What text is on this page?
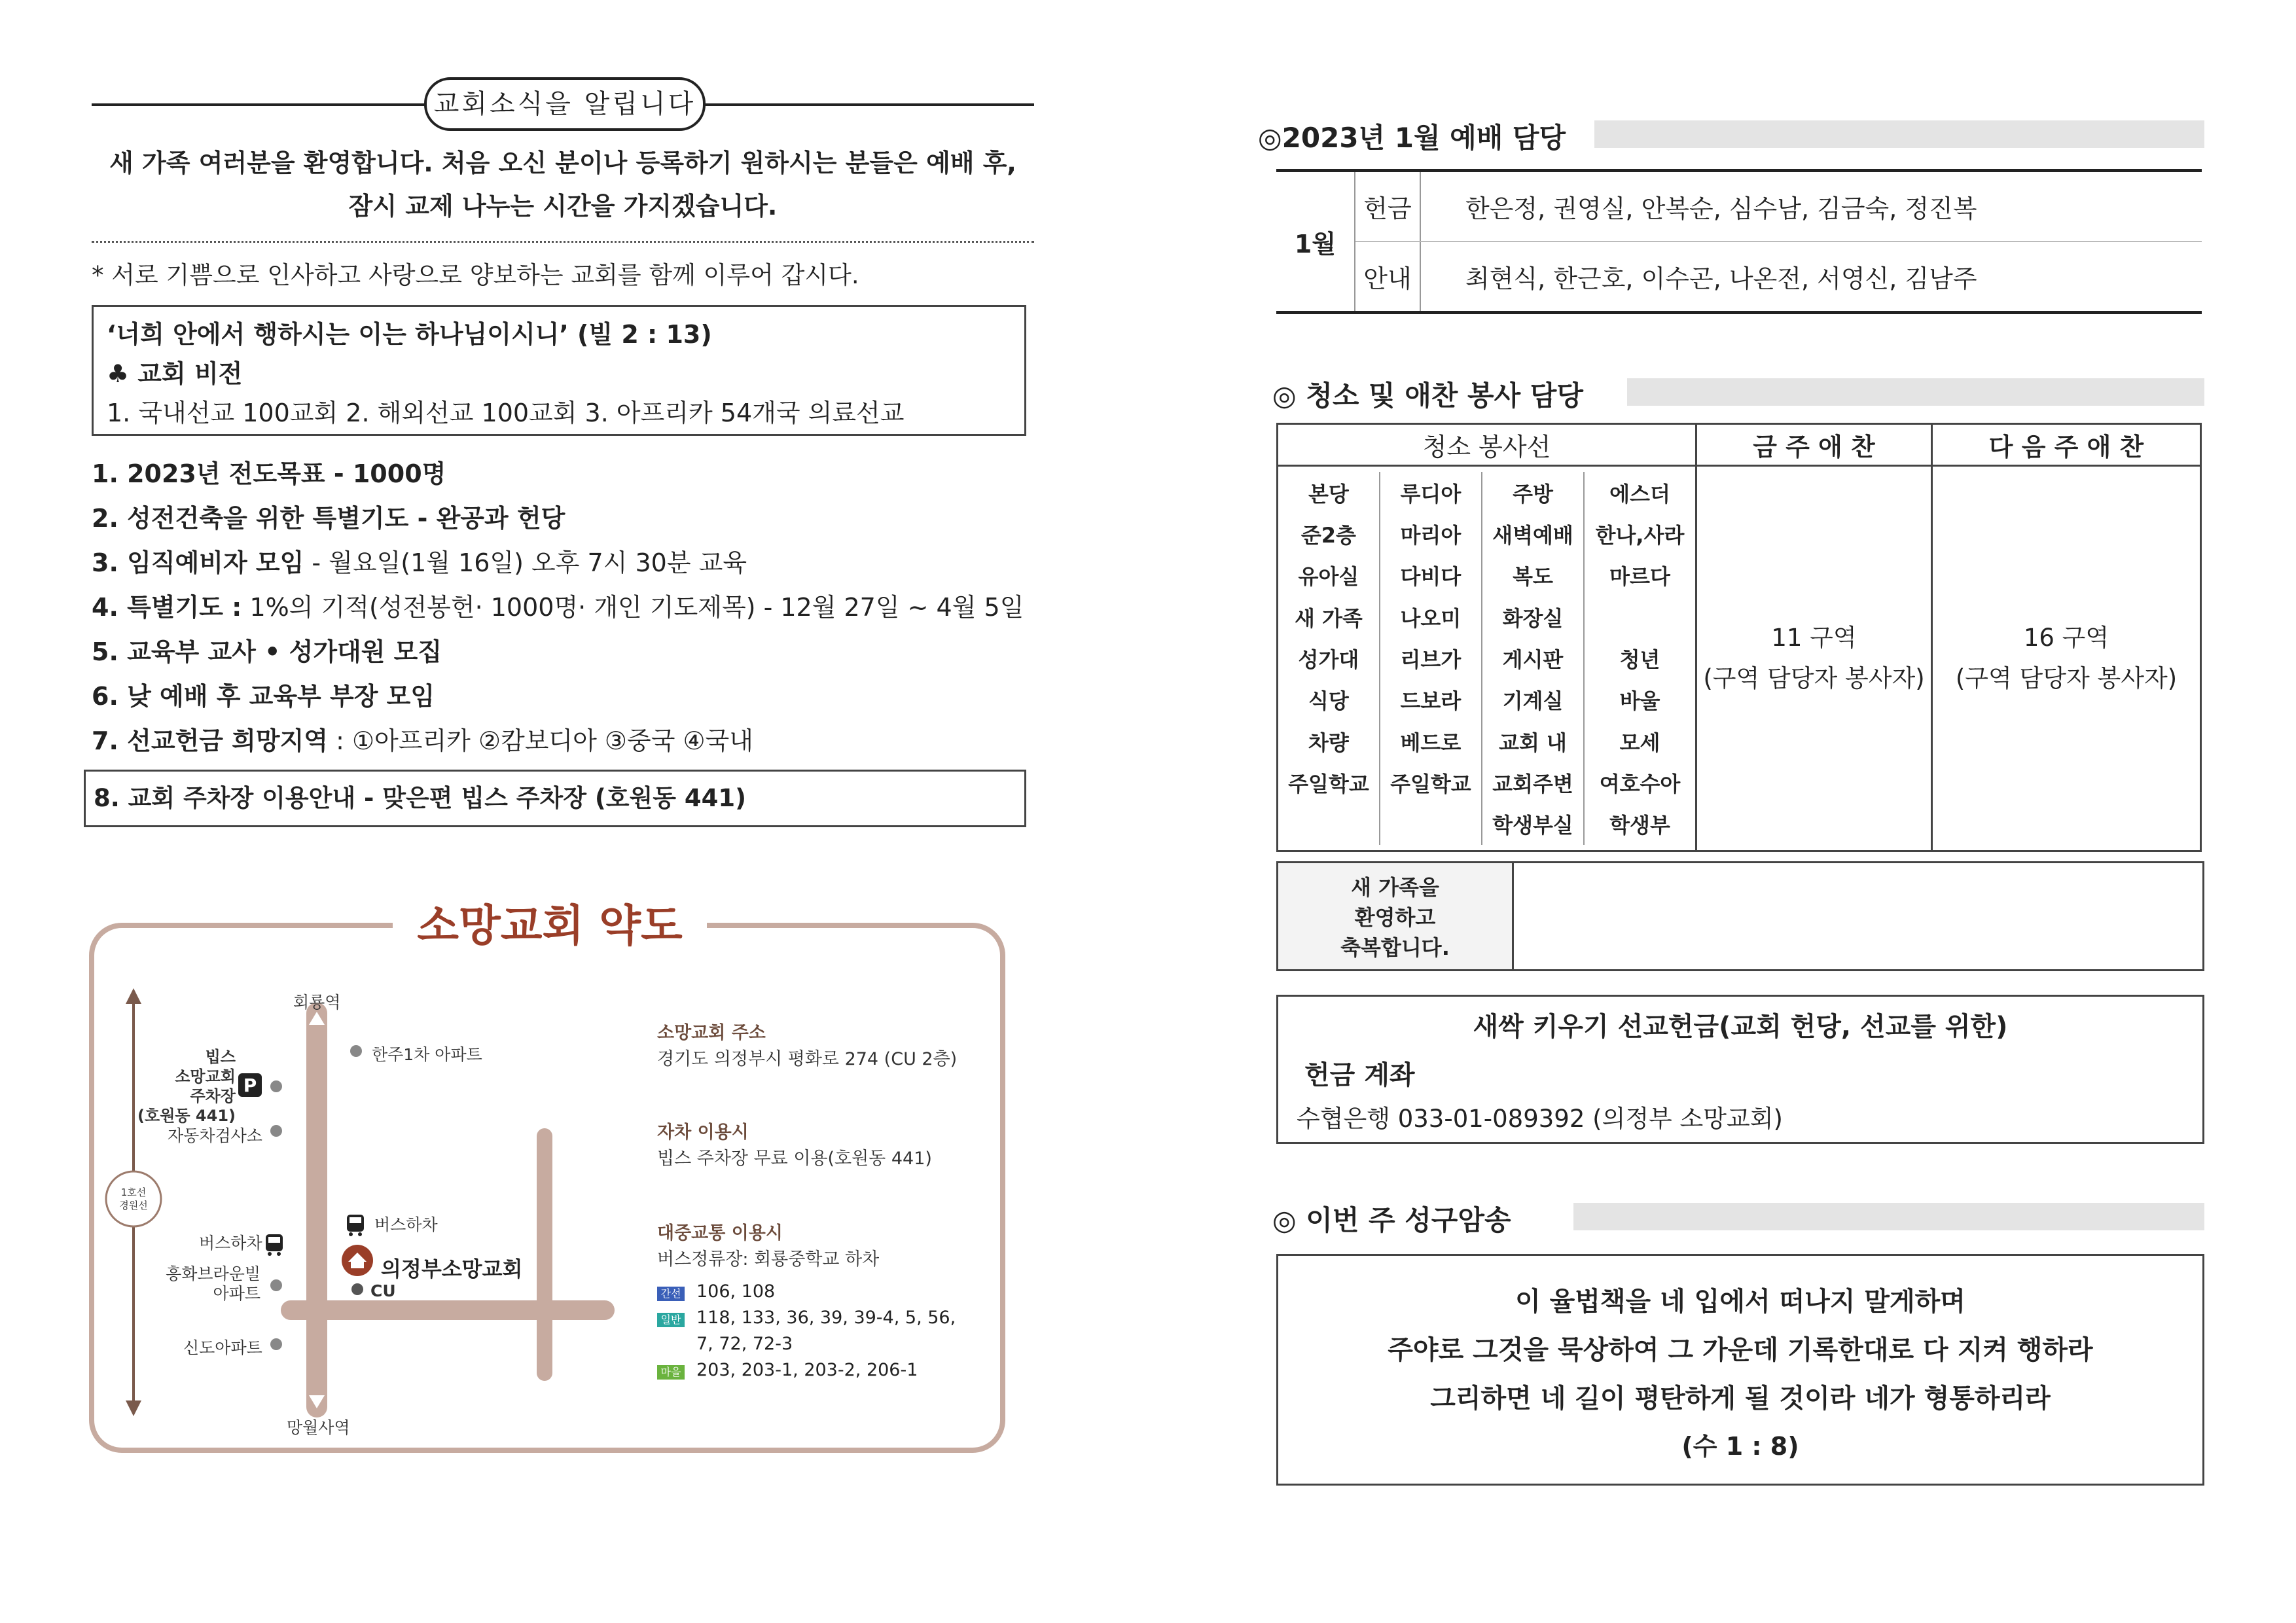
교회소식을 알립니다
새 가족 여러분을 환영합니다. 처음 오신 분이나 등록하기 원하시는 분들은 예배 후,
잠시 교제 나누는 시간을 가지겠습니다.
* 서로 기쁨으로 인사하고 사랑으로 양보하는 교회를 함께 이루어 갑시다.
‘너희 안에서 행하시는 이는 하나님이시니’ (빌 2 : 13)
♣ 교회 비전
1. 국내선교 100교회 2. 해외선교 100교회 3. 아프리카 54개국 의료선교
1. 2023년 전도목표 - 1000명
2. 성전건축을 위한 특별기도 - 완공과 헌당
3. 임직예비자 모임 - 월요일(1월 16일) 오후 7시 30분 교육
4. 특별기도 : 1%의 기적(성전봉헌· 1000명· 개인 기도제목) - 12월 27일 ~ 4월 5일
5. 교육부 교사 • 성가대원 모집
6. 낮 예배 후 교육부 부장 모임
7. 선교헌금 희망지역 : ①아프리카 ②캄보디아 ③중국 ④국내
8. 교회 주차장 이용안내 - 맞은편 빕스 주차장 (호원동 441)
소망교회 약도
P
회룡역
망월사역
1호선
경원선
빕스
소망교회
주차장
(호원동 441)
자동차검사소
버스하차
흥화브라운빌
아파트
신도아파트
한주1차 아파트
버스하차
의정부소망교회
CU
소망교회 주소
경기도 의정부시 평화로 274 (CU 2층)
자차 이용시
빕스 주차장 무료 이용(호원동 441)
대중교통 이용시
버스정류장: 회룡중학교 하차
간선 106, 108
일반 118, 133, 36, 39, 39-4, 5, 56,
7, 72, 72-3
마을 203, 203-1, 203-2, 206-1
◎2023년 1월 예배 담당
1월	헌금	한은정, 권영실, 안복순, 심수남, 김금숙, 정진복
	안내	최현식, 한근호, 이수곤, 나온전, 서영신, 김남주
◎ 청소 및 애찬 봉사 담당
청소 봉사선	금 주 애 찬	다 음 주 애 찬

본당	루디아	주방	에스더
준2층	마리아	새벽예배	한나,사라
유아실	다비다	복도	마르다
새 가족	나오미	화장실	
성가대	리브가	게시판	청년
식당	드보라	기계실	바울
차량	베드로	교회 내	모세
주일학교	주일학교	교회주변	여호수아
		학생부실	학생부

11 구역
(구역 담당자 봉사자)

16 구역
(구역 담당자 봉사자)
새 가족을
환영하고
축복합니다.
새싹 키우기 선교헌금(교회 헌당, 선교를 위한)
헌금 계좌
수협은행 033-01-089392 (의정부 소망교회)
◎ 이번 주 성구암송
이 율법책을 네 입에서 떠나지 말게하며
주야로 그것을 묵상하여 그 가운데 기록한대로 다 지켜 행하라
그리하면 네 길이 평탄하게 될 것이라 네가 형통하리라
(수 1 : 8)
